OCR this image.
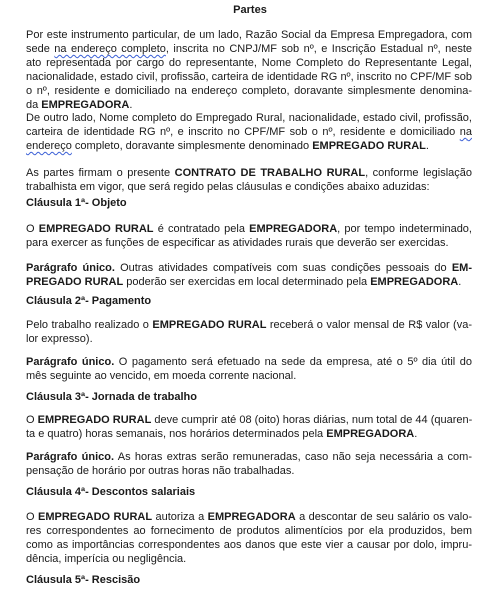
Partes
Por este instrumento particular, de um lado, Razão Social da Empresa Empregadora, com
sede na endereço completo, inscrita no CNPJ/MF sob nº, e Inscrição Estadual nº, neste
ato representada por cargo do representante, Nome Completo do Representante Legal,
nacionalidade, estado civil, profissão, carteira de identidade RG nº, inscrito no CPF/MF sob
o nº, residente e domiciliado na endereço completo, doravante simplesmente denomina-
da EMPREGADORA.
De outro lado, Nome completo do Empregado Rural, nacionalidade, estado civil, profissão,
carteira de identidade RG nº, e inscrito no CPF/MF sob o nº, residente e domiciliado na
endereço completo, doravante simplesmente denominado EMPREGADO RURAL.
As partes firmam o presente CONTRATO DE TRABALHO RURAL, conforme legislação
trabalhista em vigor, que será regido pelas cláusulas e condições abaixo aduzidas:
Cláusula 1ª- Objeto
O EMPREGADO RURAL é contratado pela EMPREGADORA, por tempo indeterminado,
para exercer as funções de especificar as atividades rurais que deverão ser exercidas.
Parágrafo único. Outras atividades compatíveis com suas condições pessoais do EM-
PREGADO RURAL poderão ser exercidas em local determinado pela EMPREGADORA.
Cláusula 2ª- Pagamento
Pelo trabalho realizado o EMPREGADO RURAL receberá o valor mensal de R$ valor (va-
lor expresso).
Parágrafo único. O pagamento será efetuado na sede da empresa, até o 5º dia útil do
mês seguinte ao vencido, em moeda corrente nacional.
Cláusula 3ª- Jornada de trabalho
O EMPREGADO RURAL deve cumprir até 08 (oito) horas diárias, num total de 44 (quaren-
ta e quatro) horas semanais, nos horários determinados pela EMPREGADORA.
Parágrafo único. As horas extras serão remuneradas, caso não seja necessária a com-
pensação de horário por outras horas não trabalhadas.
Cláusula 4ª- Descontos salariais
O EMPREGADO RURAL autoriza a EMPREGADORA a descontar de seu salário os valo-
res correspondentes ao fornecimento de produtos alimentícios por ela produzidos, bem
como as importâncias correspondentes aos danos que este vier a causar por dolo, impru-
dência, imperícia ou negligência.
Cláusula 5ª- Rescisão
